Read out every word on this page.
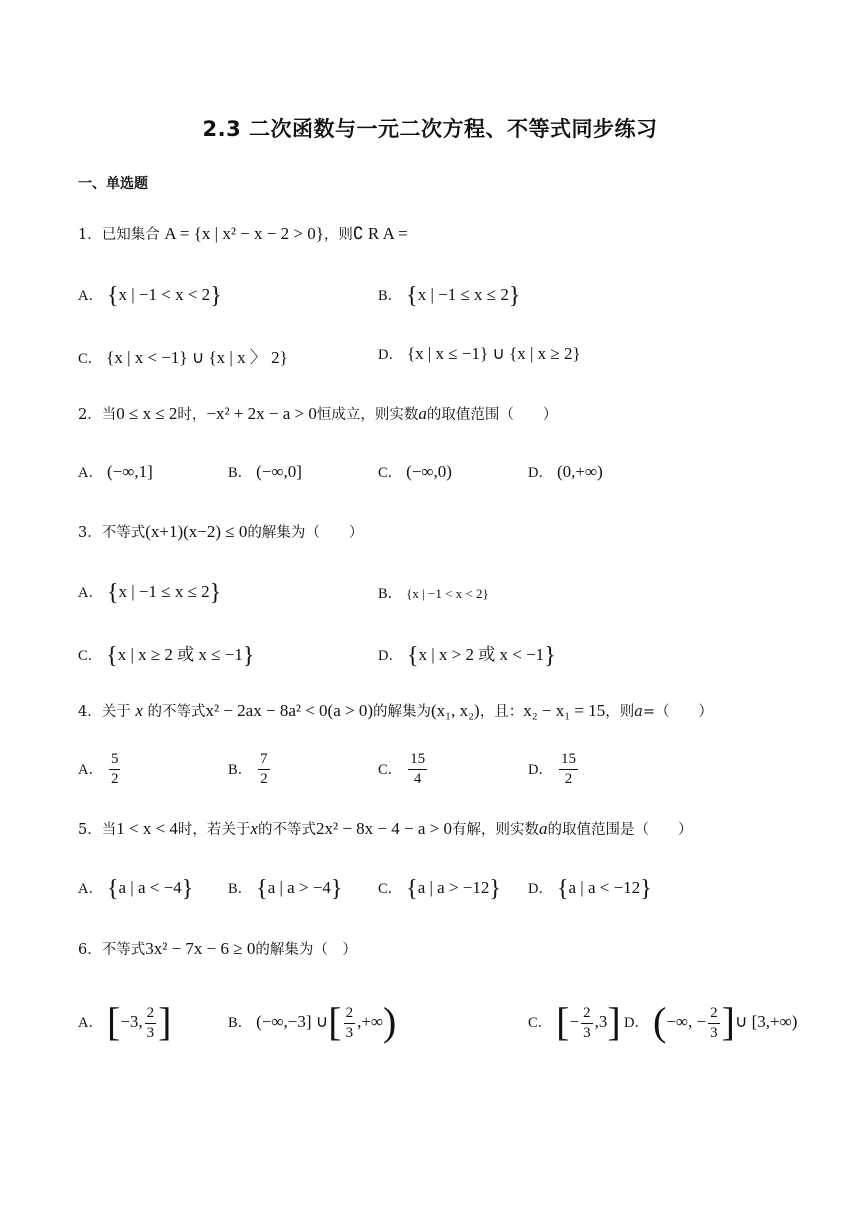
2.3 二次函数与一元二次方程、不等式同步练习
一、单选题
1．已知集合 A = {x | x² − x − 2 > 0}，则∁ R A =
A． {x | −1 < x < 2}	B． {x | −1 ≤ x ≤ 2}
C． {x | x < −1} ∪ {x | x 〉 2}	D． {x | x ≤ −1} ∪ {x | x ≥ 2}
2．当0 ≤ x ≤ 2时，−x² + 2x − a > 0恒成立，则实数a的取值范围（　　）
A． (−∞,1]	B． (−∞,0]	C． (−∞,0)	D． (0,+∞)
3．不等式(x+1)(x−2) ≤ 0的解集为（　　）
A． {x | −1 ≤ x ≤ 2}	B． {x | −1 < x < 2}
C． {x | x ≥ 2 或 x ≤ −1}	D． {x | x > 2 或 x < −1}
4．关于 x 的不等式x² − 2ax − 8a² < 0(a > 0)的解集为(x₁, x₂)，且：x₂ − x₁ = 15，则a=（　　）
A． $\frac{5}{2}$	B． $\frac{7}{2}$	C． $\frac{15}{4}$	D． $\frac{15}{2}$
5．当1 < x < 4时，若关于x的不等式2x² − 8x − 4 − a > 0有解，则实数a的取值范围是（　　）
A． {a | a < −4} B． {a | a > −4} C． {a | a > −12} D． {a | a < −12}
6．不等式3x² − 7x − 6 ≥ 0的解集为（　）
A． [−3, $\frac{2}{3}$ ]	B． (−∞,−3] ∪[ $\frac{2}{3}$ ,+∞)	C． [− $\frac{2}{3} ,3$] D． (−∞, − $\frac{2}{3}$ ]∪ [3,+∞)
